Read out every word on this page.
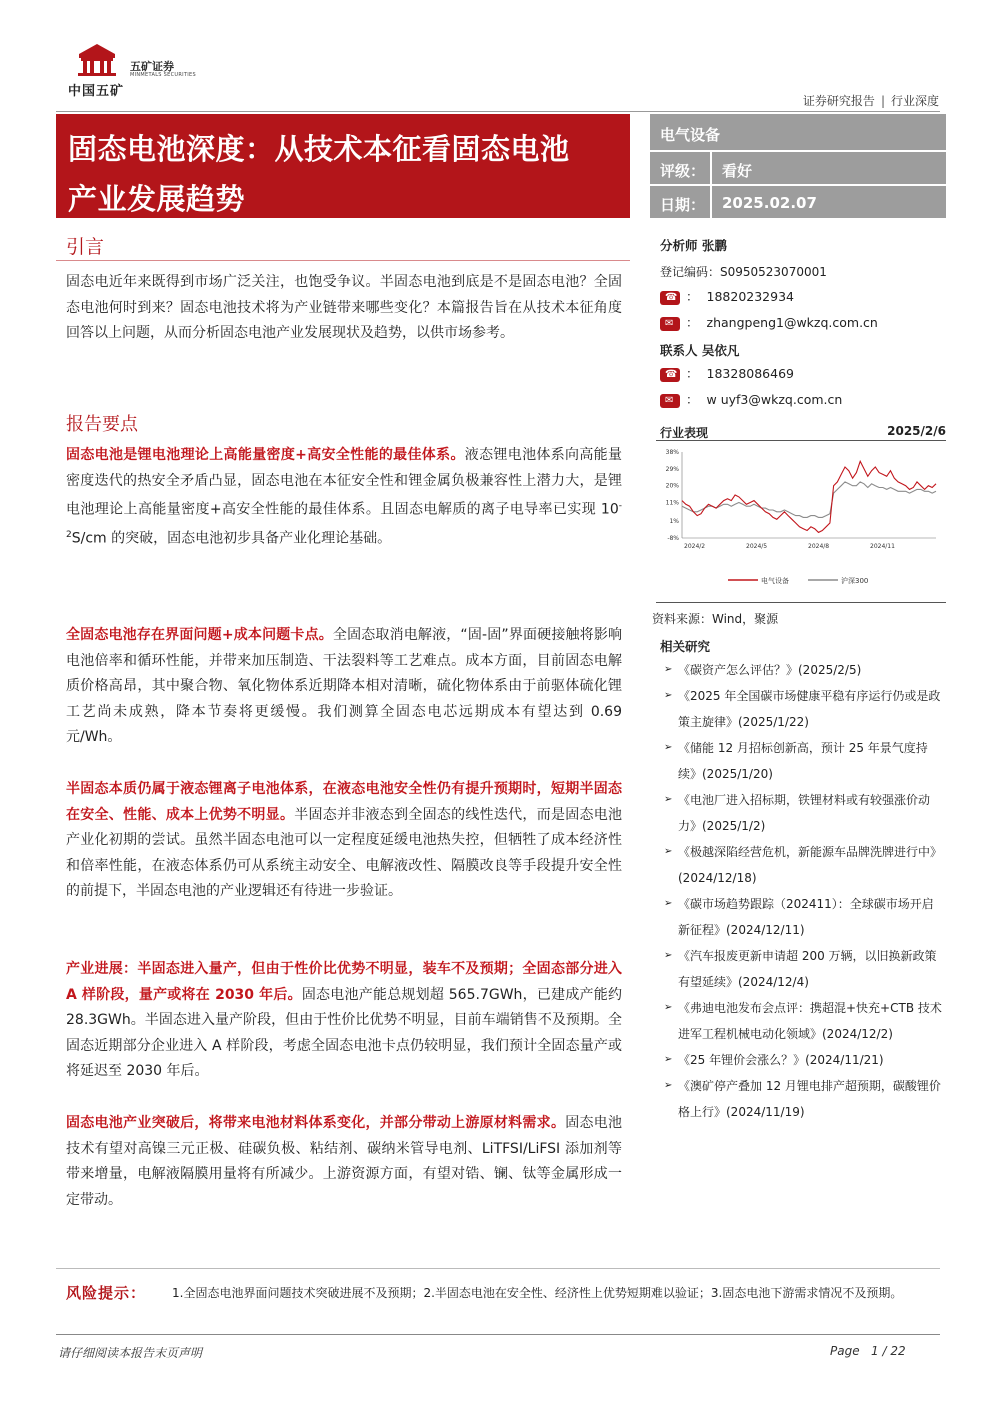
中国五矿
五矿证券
MINMETALS SECURITIES
证券研究报告 | 行业深度
固态电池深度：从技术本征看固态电池
产业发展趋势
电气设备
评级： 看好
日期： 2025.02.07
引言
固态电近年来既得到市场广泛关注，也饱受争议。半固态电池到底是不是固态电池？全固态电池何时到来？固态电池技术将为产业链带来哪些变化？本篇报告旨在从技术本征角度回答以上问题，从而分析固态电池产业发展现状及趋势，以供市场参考。
报告要点
固态电池是锂电池理论上高能量密度+高安全性能的最佳体系。液态锂电池体系向高能量密度迭代的热安全矛盾凸显，固态电池在本征安全性和锂金属负极兼容性上潜力大，是锂电池理论上高能量密度+高安全性能的最佳体系。且固态电解质的离子电导率已实现 $10^{-2}S/cm$ 的突破，固态电池初步具备产业化理论基础。
全固态电池存在界面问题+成本问题卡点。全固态取消电解液，“固-固”界面硬接触将影响电池倍率和循环性能，并带来加压制造、干法裂料等工艺难点。成本方面，目前固态电解质价格高昂，其中聚合物、氧化物体系近期降本相对清晰，硫化物体系由于前驱体硫化锂工艺尚未成熟，降本节奏将更缓慢。我们测算全固态电芯远期成本有望达到 0.69 元/Wh。
半固态本质仍属于液态锂离子电池体系，在液态电池安全性仍有提升预期时，短期半固态在安全、性能、成本上优势不明显。半固态并非液态到全固态的线性迭代，而是固态电池产业化初期的尝试。虽然半固态电池可以一定程度延缓电池热失控，但牺牲了成本经济性和倍率性能，在液态体系仍可从系统主动安全、电解液改性、隔膜改良等手段提升安全性的前提下，半固态电池的产业逻辑还有待进一步验证。
产业进展：半固态进入量产，但由于性价比优势不明显，装车不及预期；全固态部分进入 A 样阶段，量产或将在 2030 年后。固态电池产能总规划超 565.7GWh，已建成产能约 28.3GWh。半固态进入量产阶段，但由于性价比优势不明显，目前车端销售不及预期。全固态近期部分企业进入 A 样阶段，考虑全固态电池卡点仍较明显，我们预计全固态量产或将延迟至 2030 年后。
固态电池产业突破后，将带来电池材料体系变化，并部分带动上游原材料需求。固态电池技术有望对高镍三元正极、硅碳负极、粘结剂、碳纳米管导电剂、LiTFSI/LiFSI 添加剂等带来增量，电解液隔膜用量将有所减少。上游资源方面，有望对锆、镧、钛等金属形成一定带动。
分析师 张鹏
登记编码：S0950523070001
☎： 18820232934
✉： zhangpeng1@wkzq.com.cn
联系人 吴依凡
☎： 18328086469
✉： w uyf3@wkzq.com.cn
行业表现	2025/2/6
38%
29%
20%
11%
1%
-8%
2024/2	2024/5	2024/8	2024/11
电气设备	沪深300
资料来源：Wind，聚源
相关研究
➢ 《碳资产怎么评估？》(2025/2/5)
➢ 《2025 年全国碳市场健康平稳有序运行仍或是政策主旋律》(2025/1/22)
➢ 《储能 12 月招标创新高，预计 25 年景气度持续》(2025/1/20)
➢ 《电池厂进入招标期，铁锂材料或有较强涨价动力》(2025/1/2)
➢ 《极越深陷经营危机，新能源车品牌洗牌进行中》(2024/12/18)
➢ 《碳市场趋势跟踪（202411）：全球碳市场开启新征程》(2024/12/11)
➢ 《汽车报废更新申请超 200 万辆，以旧换新政策有望延续》(2024/12/4)
➢ 《弗迪电池发布会点评：携超混+快充+CTB 技术进军工程机械电动化领域》(2024/12/2)
➢ 《25 年锂价会涨么？》(2024/11/21)
➢ 《澳矿停产叠加 12 月锂电排产超预期，碳酸锂价格上行》(2024/11/19)
风险提示： 1.全固态电池界面问题技术突破进展不及预期；2.半固态电池在安全性、经济性上优势短期难以验证；3.固态电池下游需求情况不及预期。
请仔细阅读本报告末页声明	Page 1 / 22
